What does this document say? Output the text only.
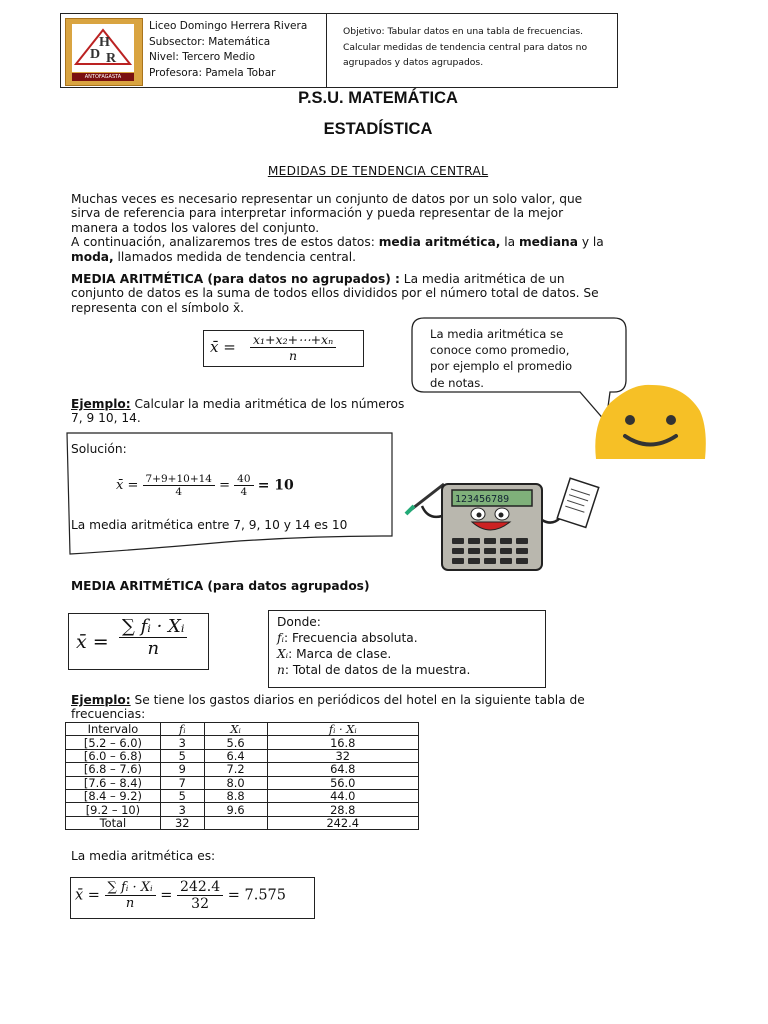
D
H
R
ANTOFAGASTA
Liceo Domingo Herrera Rivera
Subsector: Matemática
Nivel: Tercero Medio
Profesora: Pamela Tobar
Objetivo: Tabular datos en una tabla de frecuencias.
Calcular medidas de tendencia central para datos no
agrupados y datos agrupados.
P.S.U. MATEMÁTICA
ESTADÍSTICA
MEDIDAS DE TENDENCIA CENTRAL
Muchas veces es necesario representar un conjunto de datos por un solo valor, que
sirva de referencia para interpretar información y pueda representar de la mejor
manera a todos los valores del conjunto.
A continuación, analizaremos tres de estos datos: media aritmética, la mediana y la
moda, llamados medida de tendencia central.
MEDIA ARITMÉTICA (para datos no agrupados) : La media aritmética de un
conjunto de datos es la suma de todos ellos divididos por el número total de datos. Se
representa con el símbolo x̄.
x̄ = $\frac{\text{x₁+x₂+⋯+xₙ}}{n}$	La media aritmética se
conoce como promedio,
por ejemplo el promedio
de notas.
Ejemplo: Calcular la media aritmética de los números
7, 9 10, 14.
Solución:
x̄ = $\frac{7+9+10+14}{4} = \frac{40}{4} = 10$
La media aritmética entre 7, 9, 10 y 14 es 10
123456789
MEDIA ARITMÉTICA (para datos agrupados)
x̄ = $\frac{\text{∑ fᵢ · Xᵢ}}{n}$	Donde:
fᵢ: Frecuencia absoluta.
Xᵢ: Marca de clase.
n: Total de datos de la muestra.
Ejemplo: Se tiene los gastos diarios en periódicos del hotel en la siguiente tabla de
frecuencias:
Intervalo	fᵢ	Xᵢ	fᵢ · Xᵢ
[5.2 – 6.0)	3	5.6	16.8
[6.0 – 6.8)	5	6.4	32
[6.8 – 7.6)	9	7.2	64.8
[7.6 – 8.4)	7	8.0	56.0
[8.4 – 9.2)	5	8.8	44.0
[9.2 – 10)	3	9.6	28.8
Total	32		242.4
La media aritmética es:
x̄ = $\frac{\text{∑ fᵢ · Xᵢ}}{n} = \frac{242.4}{32} = 7.575$
